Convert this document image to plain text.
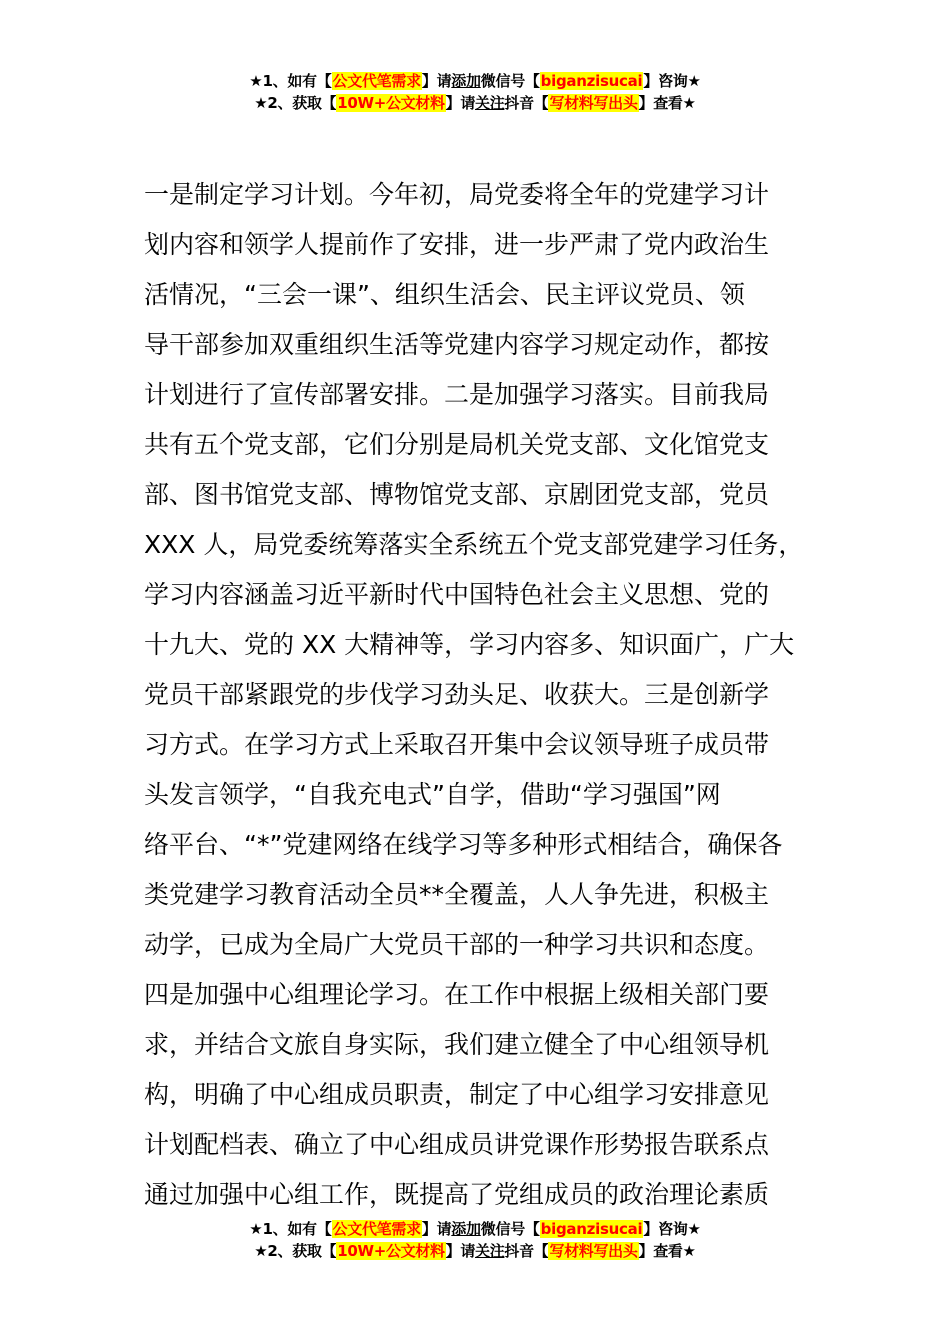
★1、如有【公文代笔需求】请添加微信号【biganzisucai】咨询★
★2、获取【10W+公文材料】请关注抖音【写材料写出头】查看★
一是制定学习计划。今年初，局党委将全年的党建学习计
划内容和领学人提前作了安排，进一步严肃了党内政治生
活情况，“三会一课”、组织生活会、民主评议党员、领
导干部参加双重组织生活等党建内容学习规定动作，都按
计划进行了宣传部署安排。二是加强学习落实。目前我局
共有五个党支部，它们分别是局机关党支部、文化馆党支
部、图书馆党支部、博物馆党支部、京剧团党支部，党员
XXX 人，局党委统筹落实全系统五个党支部党建学习任务，
学习内容涵盖习近平新时代中国特色社会主义思想、党的
十九大、党的 XX 大精神等，学习内容多、知识面广，广大
党员干部紧跟党的步伐学习劲头足、收获大。三是创新学
习方式。在学习方式上采取召开集中会议领导班子成员带
头发言领学，“自我充电式”自学，借助“学习强国”网
络平台、“*”党建网络在线学习等多种形式相结合，确保各
类党建学习教育活动全员**全覆盖，人人争先进，积极主
动学，已成为全局广大党员干部的一种学习共识和态度。
四是加强中心组理论学习。在工作中根据上级相关部门要
求，并结合文旅自身实际，我们建立健全了中心组领导机
构，明确了中心组成员职责，制定了中心组学习安排意见
计划配档表、确立了中心组成员讲党课作形势报告联系点
通过加强中心组工作，既提高了党组成员的政治理论素质
★1、如有【公文代笔需求】请添加微信号【biganzisucai】咨询★
★2、获取【10W+公文材料】请关注抖音【写材料写出头】查看★
